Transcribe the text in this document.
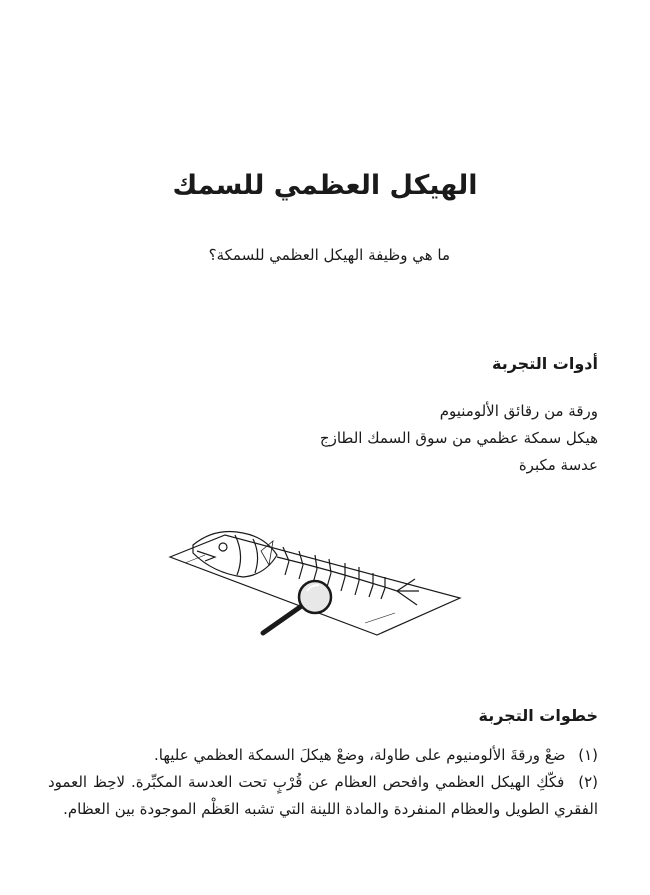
الهيكل العظمي للسمك

ما هي وظيفة الهيكل العظمي للسمكة؟

أدوات التجربة
ورقة من رقائق الألومنيوم
هيكل سمكة عظمي من سوق السمك الطازج
عدسة مكبرة
خطوات التجربة
(١) ضعْ ورقةَ الألومنيوم على طاولة، وضعْ هيكلَ السمكة العظمي عليها.
(٢) فكّكِ الهيكل العظمي وافحص العظام عن قُرْبٍ تحت العدسة المكبِّرة. لاحِظ العمود الفقري الطويل والعظام المنفردة والمادة اللينة التي تشبه العَظْم الموجودة بين العظام.
